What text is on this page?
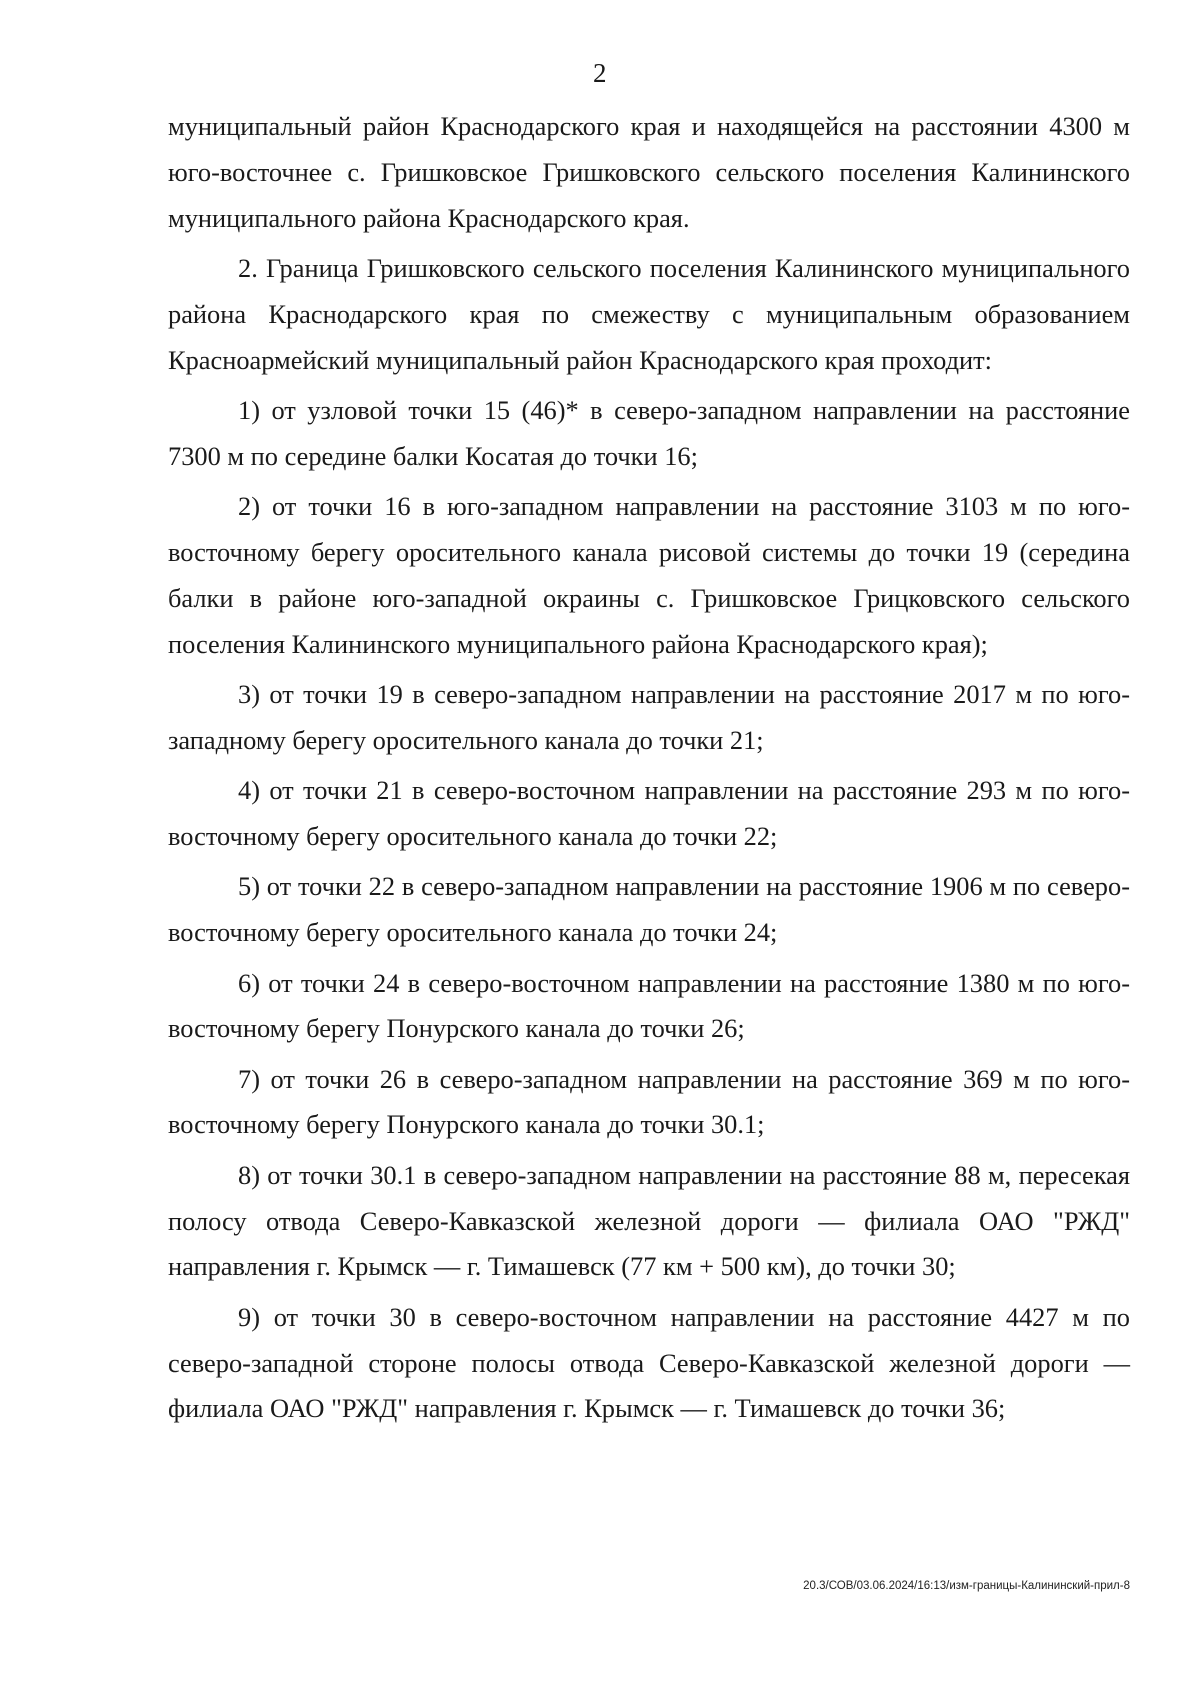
2

муниципальный район Краснодарского края и находящейся на расстоянии 4300 м юго-восточнее с. Гришковское Гришковского сельского поселения Калининского муниципального района Краснодарского края.

2. Граница Гришковского сельского поселения Калининского муниципального района Краснодарского края по смежеству с муниципальным образованием Красноармейский муниципальный район Краснодарского края проходит:

1) от узловой точки 15 (46)* в северо-западном направлении на расстояние 7300 м по середине балки Косатая до точки 16;

2) от точки 16 в юго-западном направлении на расстояние 3103 м по юго-восточному берегу оросительного канала рисовой системы до точки 19 (середина балки в районе юго-западной окраины с. Гришковское Грицковского сельского поселения Калининского муниципального района Краснодарского края);

3) от точки 19 в северо-западном направлении на расстояние 2017 м по юго-западному берегу оросительного канала до точки 21;

4) от точки 21 в северо-восточном направлении на расстояние 293 м по юго-восточному берегу оросительного канала до точки 22;

5) от точки 22 в северо-западном направлении на расстояние 1906 м по северо-восточному берегу оросительного канала до точки 24;

6) от точки 24 в северо-восточном направлении на расстояние 1380 м по юго-восточному берегу Понурского канала до точки 26;

7) от точки 26 в северо-западном направлении на расстояние 369 м по юго-восточному берегу Понурского канала до точки 30.1;

8) от точки 30.1 в северо-западном направлении на расстояние 88 м, пересекая полосу отвода Северо-Кавказской железной дороги — филиала ОАО "РЖД" направления г. Крымск — г. Тимашевск (77 км + 500 км), до точки 30;

9) от точки 30 в северо-восточном направлении на расстояние 4427 м по северо-западной стороне полосы отвода Северо-Кавказской железной дороги — филиала ОАО "РЖД" направления г. Крымск — г. Тимашевск до точки 36;

20.3/СОВ/03.06.2024/16:13/изм-границы-Калининский-прил-8
